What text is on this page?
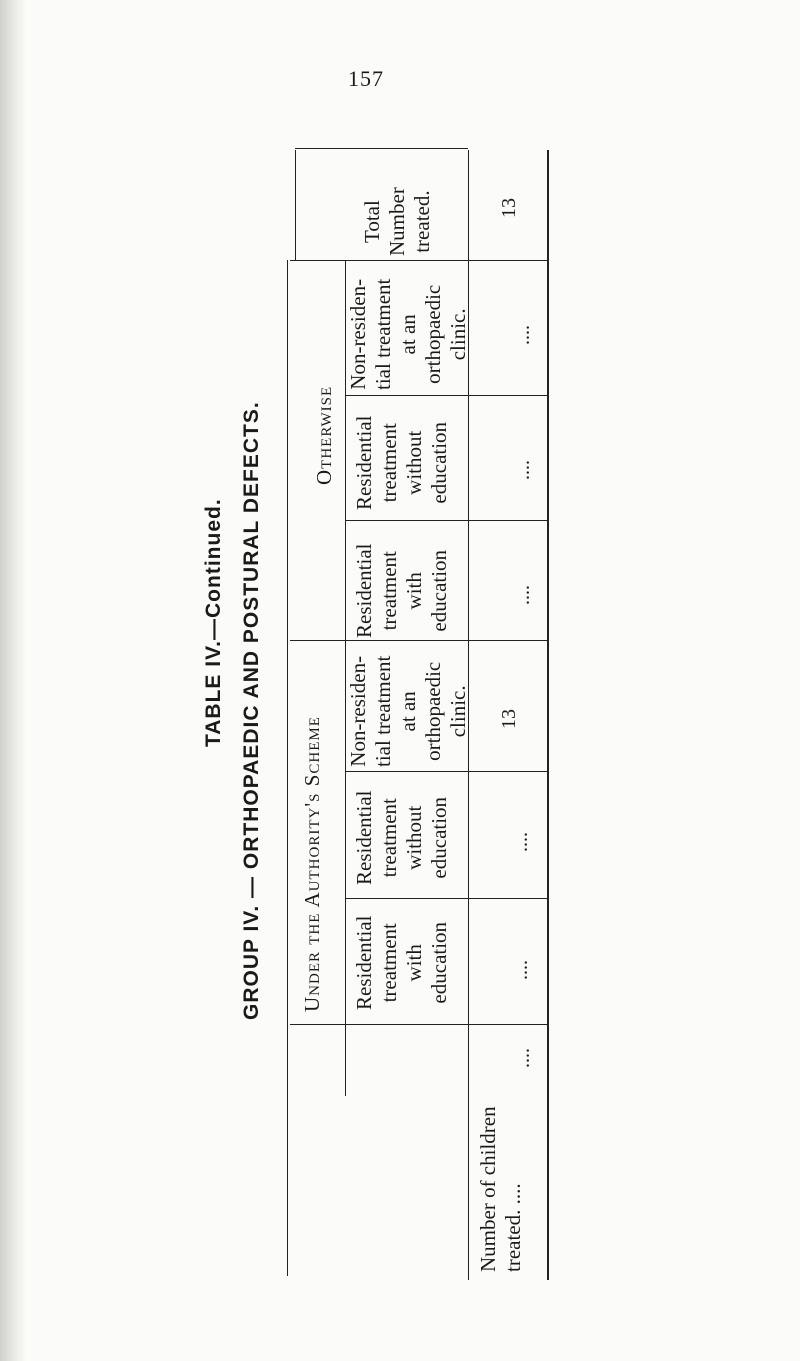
157
TABLE IV.—Continued. GROUP IV. — ORTHOPAEDIC AND POSTURAL DEFECTS. Under the Authority's Scheme
Otherwise
Residential treatment with education
Residential treatment without education
Non-residen- tial treatment at an orthopaedic clinic.
Residential treatment with education
Residential treatment without education
Non-residen- tial treatment at an orthopaedic clinic.
Total Number treated.
Number of children treated. ....
....
....
....
13
....
....
....
13
